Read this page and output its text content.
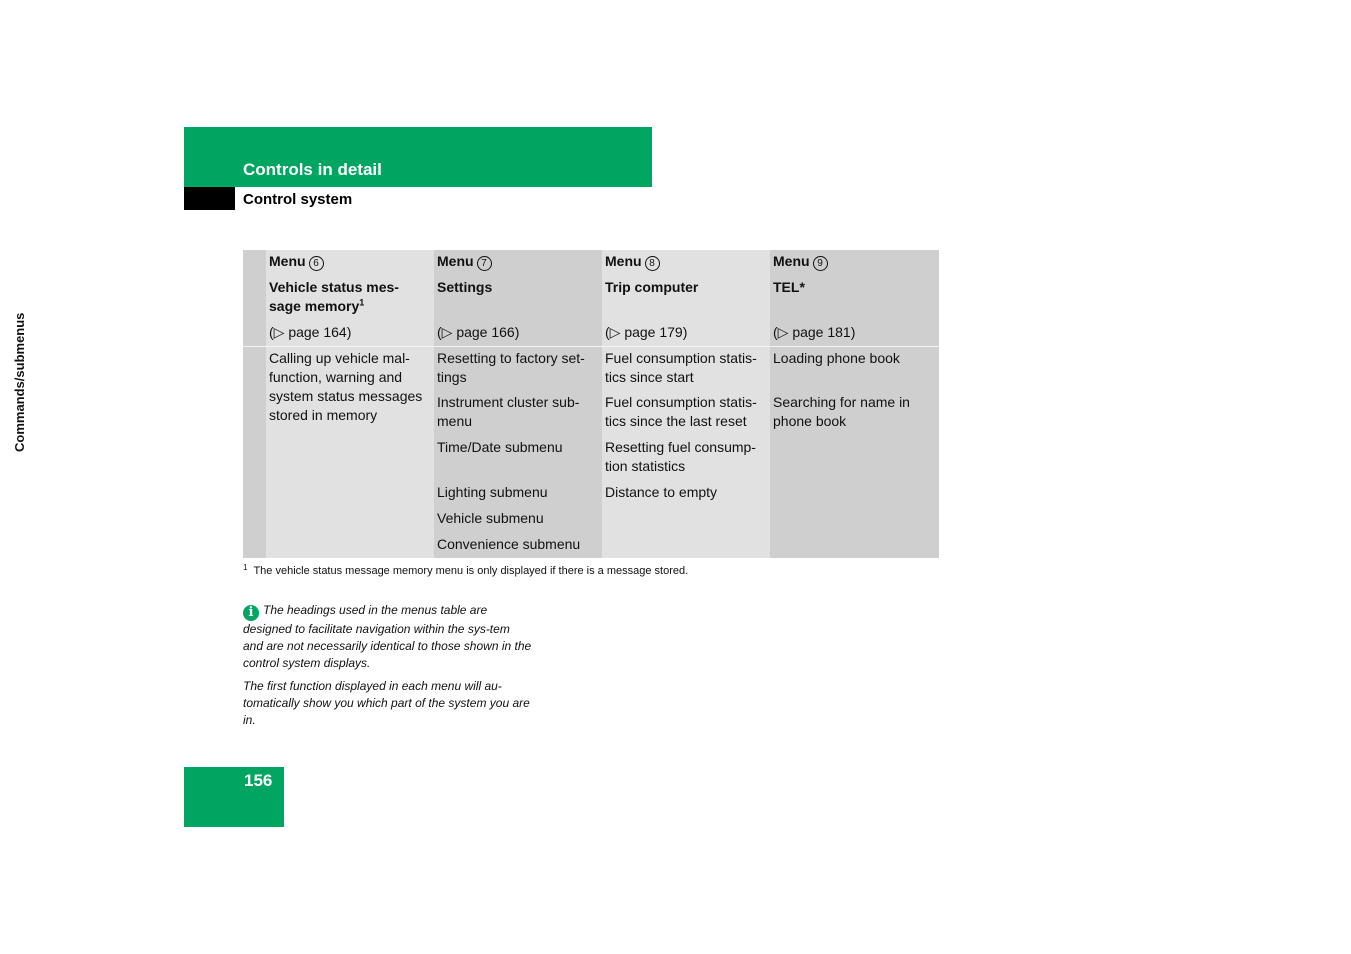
Controls in detail
Control system
Menu 6
Vehicle status mes-sage memory$^1$
(▷ page 164)
Menu 7
Settings
(▷ page 166)
Menu 8
Trip computer
(▷ page 179)
Menu 9
TEL*
(▷ page 181)
Calling up vehicle mal-function, warning and system status messages stored in memory
Resetting to factory set-tings
Instrument cluster sub-menu
Time/Date submenu
Lighting submenu
Vehicle submenu
Convenience submenu
Fuel consumption statis-tics since start
Fuel consumption statis-tics since the last reset
Resetting fuel consump-tion statistics
Distance to empty
Loading phone book
Searching for name in phone book
Commands/submenus
$^1$ The vehicle status message memory menu is only displayed if there is a message stored.

i The headings used in the menus table are designed to facilitate navigation within the sys-tem and are not necessarily identical to those shown in the control system displays.

The first function displayed in each menu will au-tomatically show you which part of the system you are in.

156
